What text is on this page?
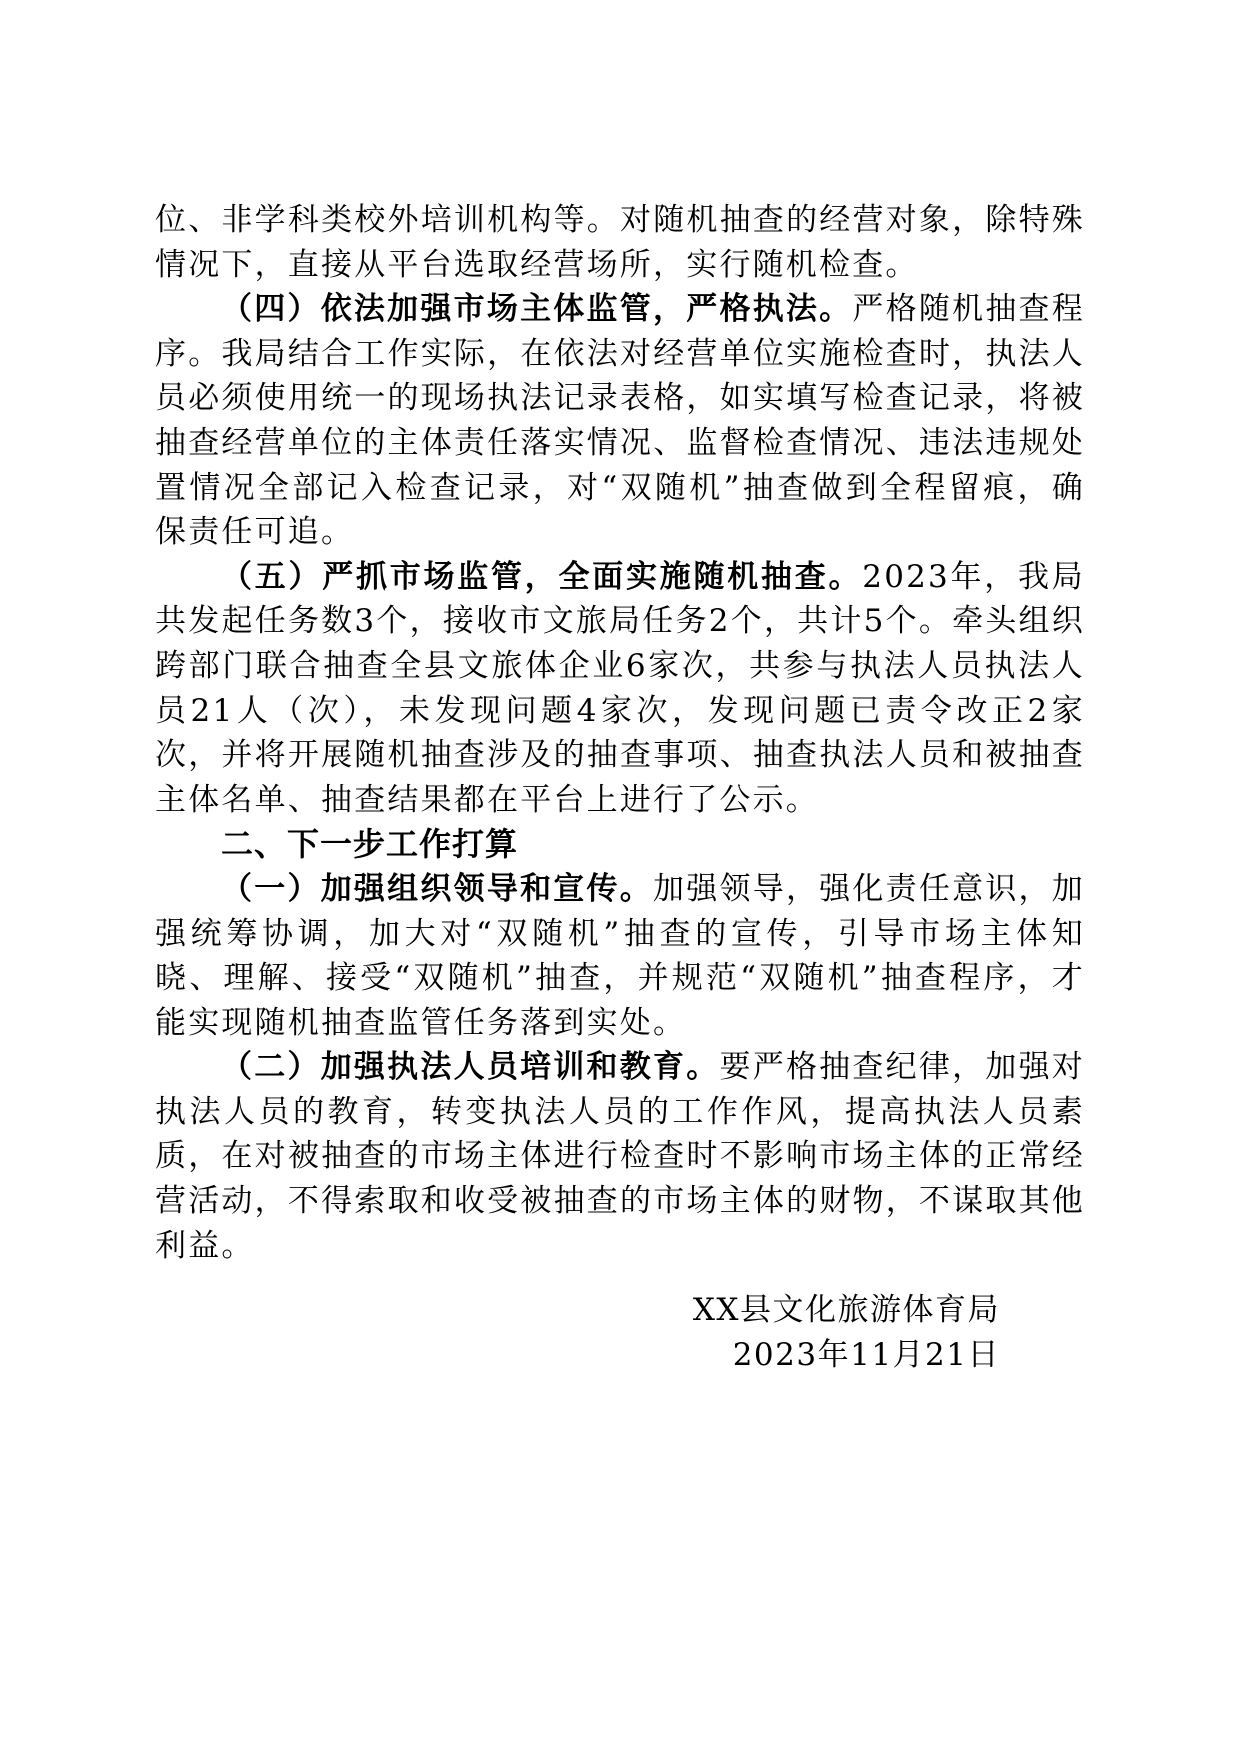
位、非学科类校外培训机构等。对随机抽查的经营对象，除特殊情况下，直接从平台选取经营场所，实行随机检查。

（四）依法加强市场主体监管，严格执法。严格随机抽查程序。我局结合工作实际，在依法对经营单位实施检查时，执法人员必须使用统一的现场执法记录表格，如实填写检查记录，将被抽查经营单位的主体责任落实情况、监督检查情况、违法违规处置情况全部记入检查记录，对“双随机”抽查做到全程留痕，确保责任可追。

（五）严抓市场监管，全面实施随机抽查。2023年，我局共发起任务数3个，接收市文旅局任务2个，共计5个。牵头组织跨部门联合抽查全县文旅体企业6家次，共参与执法人员执法人员21人（次），未发现问题4家次，发现问题已责令改正2家次，并将开展随机抽查涉及的抽查事项、抽查执法人员和被抽查主体名单、抽查结果都在平台上进行了公示。

二、下一步工作打算

（一）加强组织领导和宣传。加强领导，强化责任意识，加强统筹协调，加大对“双随机”抽查的宣传，引导市场主体知晓、理解、接受“双随机”抽查，并规范“双随机”抽查程序，才能实现随机抽查监管任务落到实处。

（二）加强执法人员培训和教育。要严格抽查纪律，加强对执法人员的教育，转变执法人员的工作作风，提高执法人员素质，在对被抽查的市场主体进行检查时不影响市场主体的正常经营活动，不得索取和收受被抽查的市场主体的财物，不谋取其他利益。

XX县文化旅游体育局
2023年11月21日
